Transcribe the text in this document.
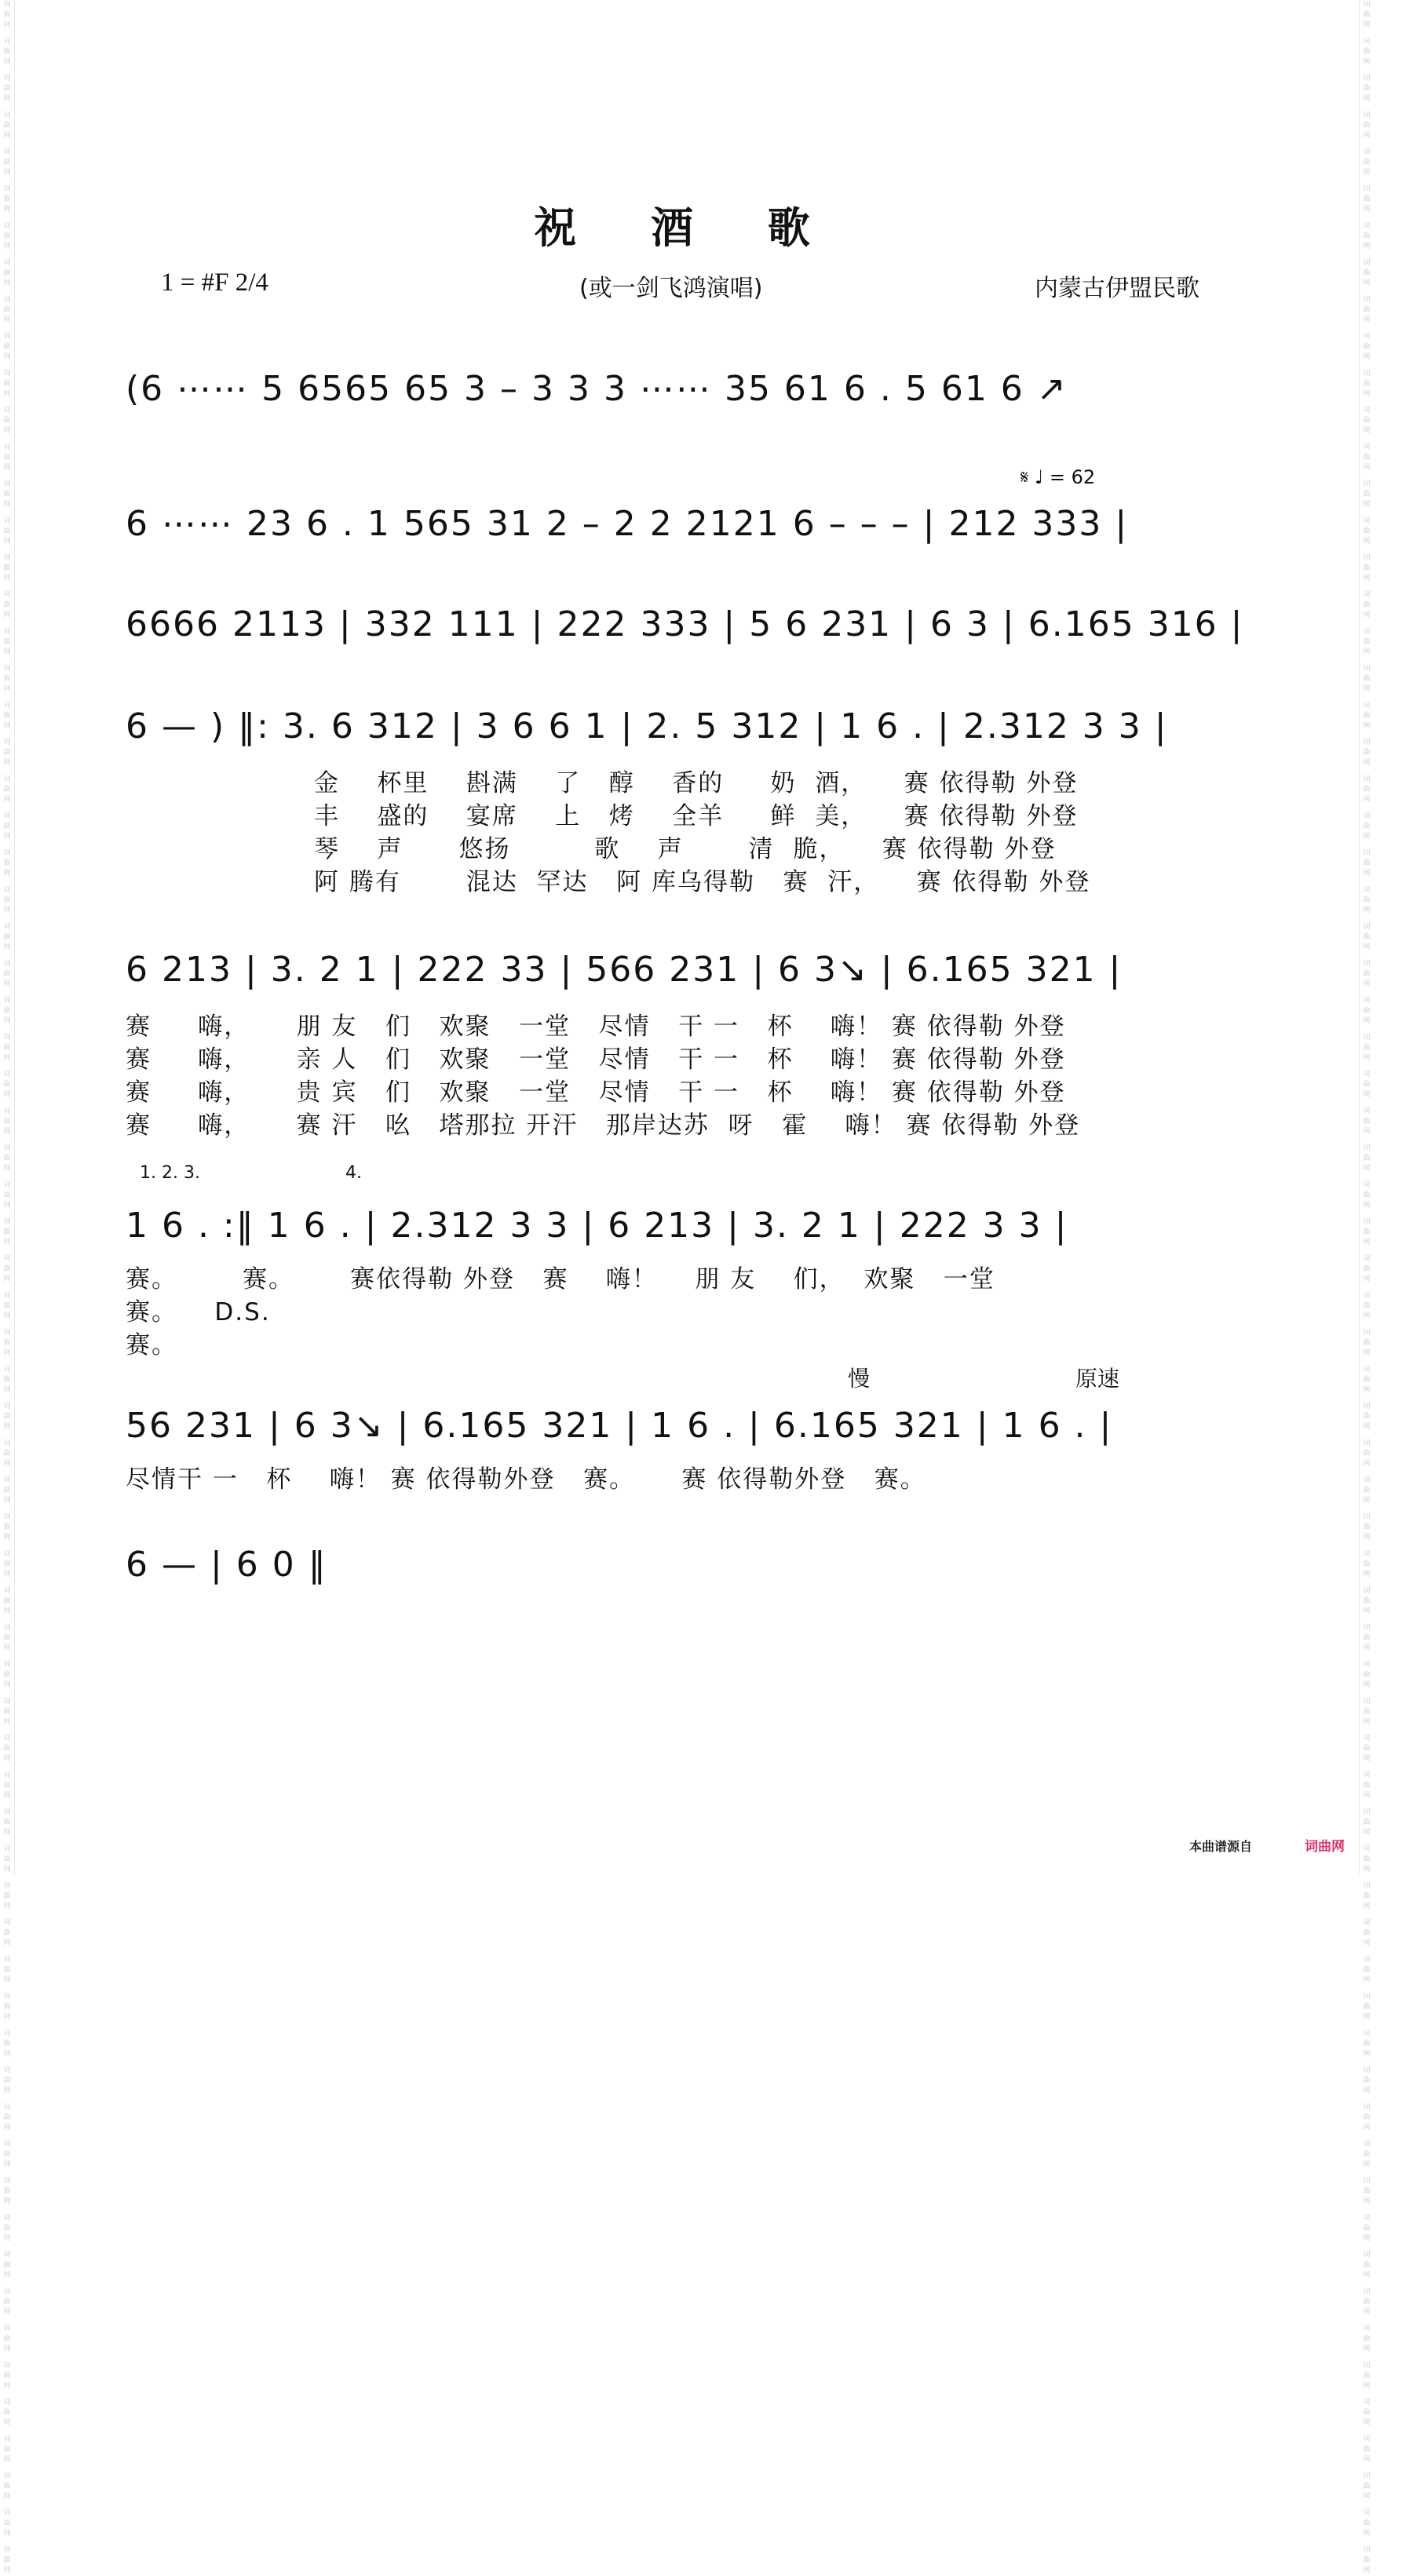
词
曲
网
词
曲
网
词
曲
网
词
曲
网
词
曲
网
词
曲
网
词
曲
网
词
曲
网
词
曲
网
词
曲
网
词
曲
网
词
曲
网
词
曲
网
词
曲
网
词
曲
网
词
曲
网
词
曲
网
词
曲
网
词
曲
网
词
曲
网
词
曲
网
词
曲
网
词
曲
网
词
曲
网
词
曲
网
词
曲
网
词
曲
网
词
曲
网
词
曲
网
词
曲
网
词
曲
网
词
曲
网
词
曲
网
词
曲
网
词
曲
网
词
曲
网
词
曲
网
词
曲
网
词
曲
网
词
曲
网
词
曲
网
词
曲
网
词
曲
网
词
曲
网
词
曲
网
词
曲
网
词
曲
网
词
曲
网
词
曲
网
词
曲
网
词
曲
网
词
曲
网
词
曲
网
词
曲
网
词
曲
网
词
曲
网
词
曲
网
词
曲
网
词
曲
网
词
曲
网
词
曲
网
词
曲
网
词
曲
网
词
曲
网
词
曲
网
词
曲
网
词
曲
网
词
曲
网
词
曲
网
词
曲
网
词
曲
网
词
曲
网
词
曲
网
词
曲
网
词
曲
网
词
曲
网
词
曲
网
词
曲
网
词
曲
网
词
曲
网
词
曲
网
词
曲
网
词
曲
网
词
曲
网
词
曲
网
词
曲
网
词
曲
网
词
曲
网
词
曲
网
词
曲
网
词
曲
网
词
曲
网
词
曲
网
词
曲
网
词
曲
网
词
曲
网
词
曲
网
词
曲
网
词
曲
网
词
曲
网
词
曲
网
词
曲
网
词
曲
网
词
曲
网
词
曲
网
词
曲
网
词
曲
网
词
曲
网
词
曲
网
词
曲
网
词
曲
网
词
曲
网
词
曲
网
词
曲
网
词
曲
网
词
曲
网
词
曲
网
词
曲
网
词
曲
网
词
曲
网
词
曲
网
词
曲
网
词
曲
网
词
曲
网
词
曲
网
词
曲
网
词
曲
网
词
曲
网
词
曲
网
词
曲
网
词
曲
网
词
曲
网
词
曲
网
词
曲
网
词
曲
网
词
曲
网
词
曲
网
词
曲
网
词
曲
网
词
曲
网
祝 酒 歌
1 = #F 2/4	(或一剑飞鸿演唱)	内蒙古伊盟民歌
𝄋 ♩ = 62
(6 ⋯⋯ 5 6565 65 3 – 3 3 3 ⋯⋯ 35 61 6 . 5 61 6 ↗
6 ⋯⋯ 23 6 . 1 565 31 2 – 2 2 2121 6 – – – | 212 333 |
6666 2113 | 332 111 | 222 333 | 5 6 231 | 6 3 | 6.165 316 |
6 — ) ‖: 3. 6 312 | 3 6 6 1 | 2. 5 312 | 1 6 . | 2.312 3 3 |
金    杯里    斟满    了   醇    香的     奶  酒，    赛 依得勒 外登
丰    盛的    宴席    上   烤    全羊     鲜  美，    赛 依得勒 外登
琴    声      悠扬         歌    声       清  脆，    赛 依得勒 外登
阿 腾有       混达  罕达   阿 库乌得勒   赛  汗，    赛 依得勒 外登
6 213 | 3. 2 1 | 222 33 | 566 231 | 6 3↘ | 6.165 321 |
赛     嗨，     朋 友   们   欢聚   一堂   尽情   干 一   杯    嗨！ 赛 依得勒 外登
赛     嗨，     亲 人   们   欢聚   一堂   尽情   干 一   杯    嗨！ 赛 依得勒 外登
赛     嗨，     贵 宾   们   欢聚   一堂   尽情   干 一   杯    嗨！ 赛 依得勒 外登
赛     嗨，     赛 汗   吆   塔那拉 开汗   那岸达苏  呀   霍    嗨！ 赛 依得勒 外登
1. 2. 3.	4.
1 6 . :‖ 1 6 . | 2.312 3 3 | 6 213 | 3. 2 1 | 222 3 3 |
赛。       赛。      赛依得勒 外登   赛    嗨！    朋 友    们，  欢聚   一堂
赛。    D.S.
赛。
慢	原速
56 231 | 6 3↘ | 6.165 321 | 1 6 . | 6.165 321 | 1 6 . |
尽情干 一   杯    嗨！ 赛 依得勒外登   赛。     赛 依得勒外登   赛。
6 — | 6 0 ‖
本曲谱源自	词曲网
